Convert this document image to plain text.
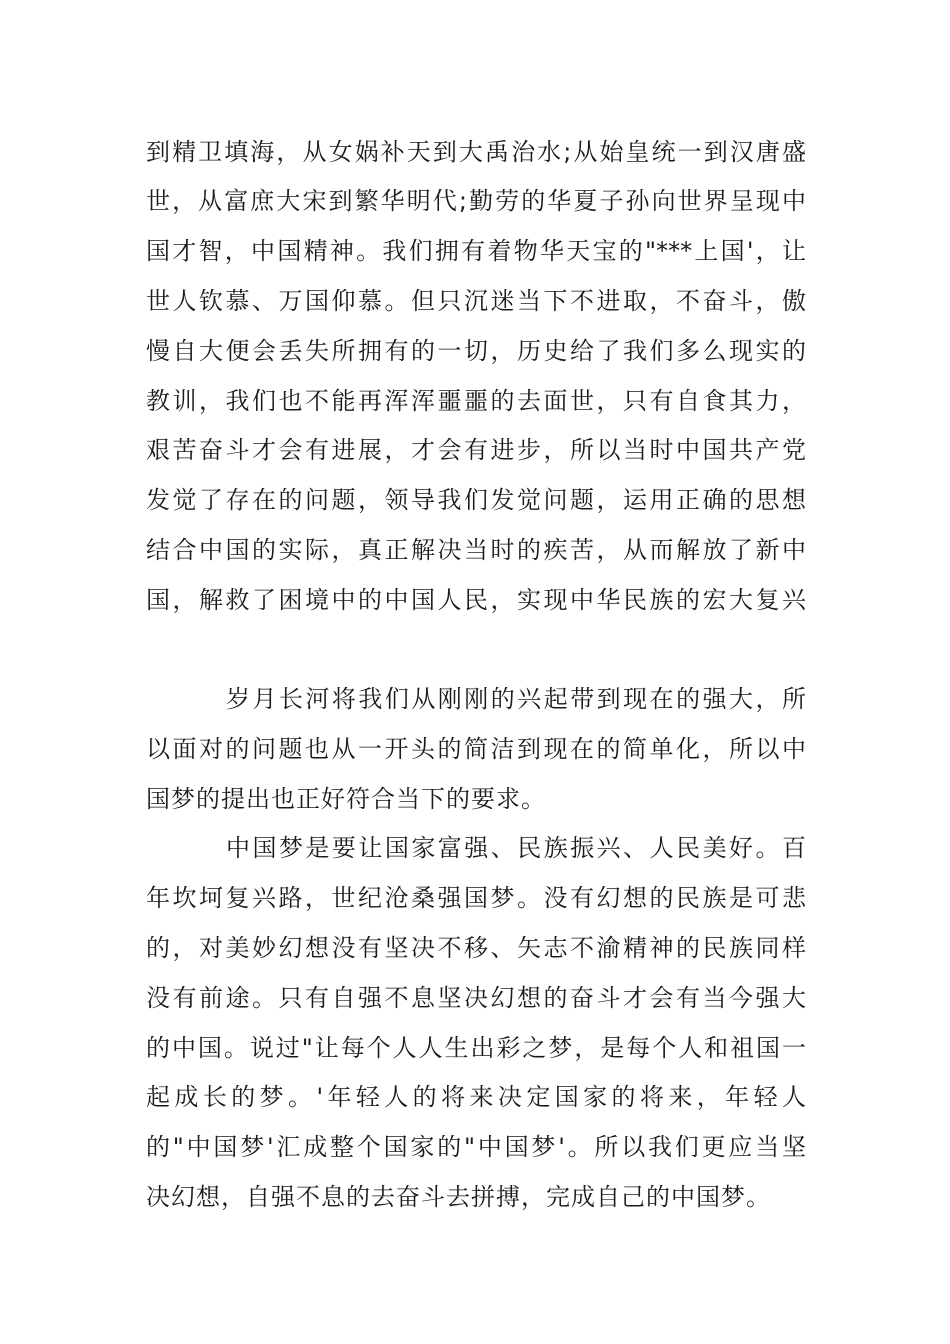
到精卫填海，从女娲补天到大禹治水;从始皇统一到汉唐盛
世，从富庶大宋到繁华明代;勤劳的华夏子孙向世界呈现中
国才智，中国精神。我们拥有着物华天宝的"***上国'，让
世人钦慕、万国仰慕。但只沉迷当下不进取，不奋斗，傲
慢自大便会丢失所拥有的一切，历史给了我们多么现实的
教训，我们也不能再浑浑噩噩的去面世，只有自食其力，
艰苦奋斗才会有进展，才会有进步，所以当时中国共产党
发觉了存在的问题，领导我们发觉问题，运用正确的思想
结合中国的实际，真正解决当时的疾苦，从而解放了新中
国，解救了困境中的中国人民，实现中华民族的宏大复兴
岁月长河将我们从刚刚的兴起带到现在的强大，所
以面对的问题也从一开头的简洁到现在的简单化，所以中
国梦的提出也正好符合当下的要求。
中国梦是要让国家富强、民族振兴、人民美好。百
年坎坷复兴路，世纪沧桑强国梦。没有幻想的民族是可悲
的，对美妙幻想没有坚决不移、矢志不渝精神的民族同样
没有前途。只有自强不息坚决幻想的奋斗才会有当今强大
的中国。说过"让每个人人生出彩之梦，是每个人和祖国一
起成长的梦。'年轻人的将来决定国家的将来，年轻人
的"中国梦'汇成整个国家的"中国梦'。所以我们更应当坚
决幻想，自强不息的去奋斗去拼搏，完成自己的中国梦。
